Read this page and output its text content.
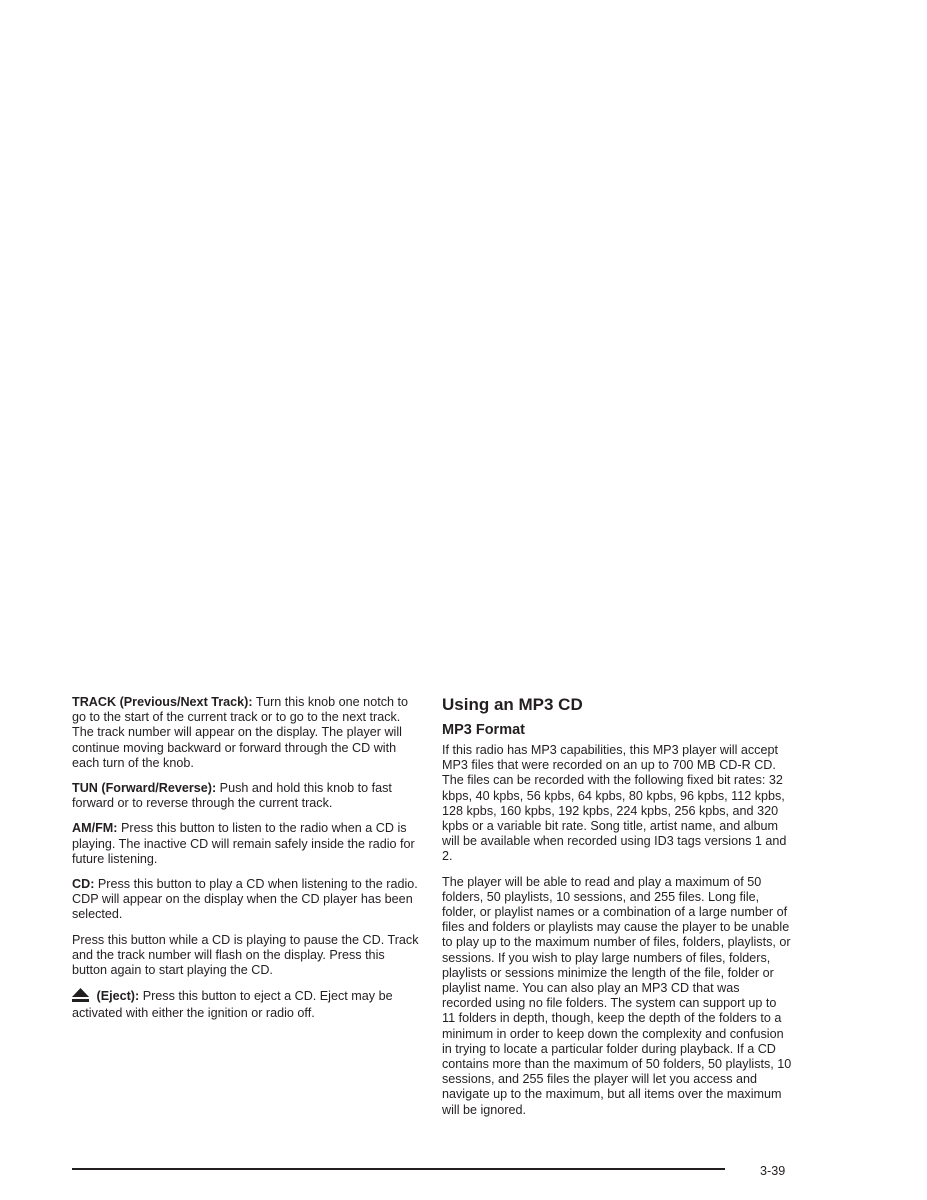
TRACK (Previous/Next Track): Turn this knob one notch to go to the start of the current track or to go to the next track. The track number will appear on the display. The player will continue moving backward or forward through the CD with each turn of the knob.

TUN (Forward/Reverse): Push and hold this knob to fast forward or to reverse through the current track.

AM/FM: Press this button to listen to the radio when a CD is playing. The inactive CD will remain safely inside the radio for future listening.

CD: Press this button to play a CD when listening to the radio. CDP will appear on the display when the CD player has been selected.

Press this button while a CD is playing to pause the CD. Track and the track number will flash on the display. Press this button again to start playing the CD.

(Eject): Press this button to eject a CD. Eject may be activated with either the ignition or radio off.

Using an MP3 CD
MP3 Format

If this radio has MP3 capabilities, this MP3 player will accept MP3 files that were recorded on an up to 700 MB CD-R CD. The files can be recorded with the following fixed bit rates: 32 kbps, 40 kpbs, 56 kpbs, 64 kpbs, 80 kpbs, 96 kpbs, 112 kpbs, 128 kpbs, 160 kpbs, 192 kpbs, 224 kpbs, 256 kpbs, and 320 kpbs or a variable bit rate. Song title, artist name, and album will be available when recorded using ID3 tags versions 1 and 2.

The player will be able to read and play a maximum of 50 folders, 50 playlists, 10 sessions, and 255 files. Long file, folder, or playlist names or a combination of a large number of files and folders or playlists may cause the player to be unable to play up to the maximum number of files, folders, playlists, or sessions. If you wish to play large numbers of files, folders, playlists or sessions minimize the length of the file, folder or playlist name. You can also play an MP3 CD that was recorded using no file folders. The system can support up to 11 folders in depth, though, keep the depth of the folders to a minimum in order to keep down the complexity and confusion in trying to locate a particular folder during playback. If a CD contains more than the maximum of 50 folders, 50 playlists, 10 sessions, and 255 files the player will let you access and navigate up to the maximum, but all items over the maximum will be ignored.

3-39
